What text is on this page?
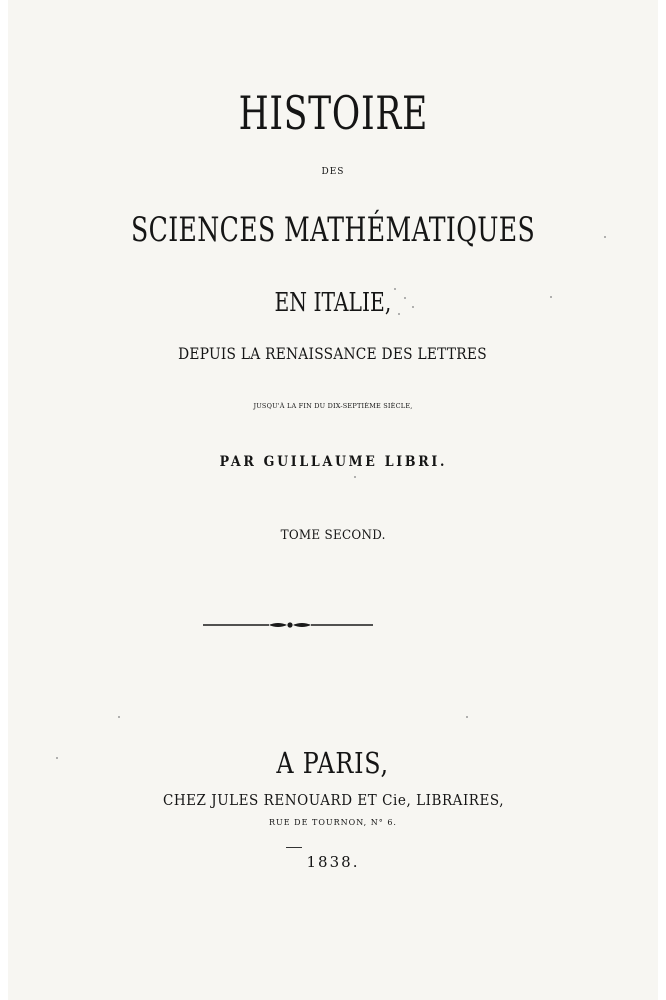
HISTOIRE
DES
SCIENCES MATHÉMATIQUES
EN ITALIE,
DEPUIS LA RENAISSANCE DES LETTRES
JUSQU'À LA FIN DU DIX-SEPTIÈME SIÈCLE,
PAR GUILLAUME LIBRI.
TOME SECOND.
A PARIS,
CHEZ JULES RENOUARD ET Cie, LIBRAIRES,
RUE DE TOURNON, N° 6.
1838.
